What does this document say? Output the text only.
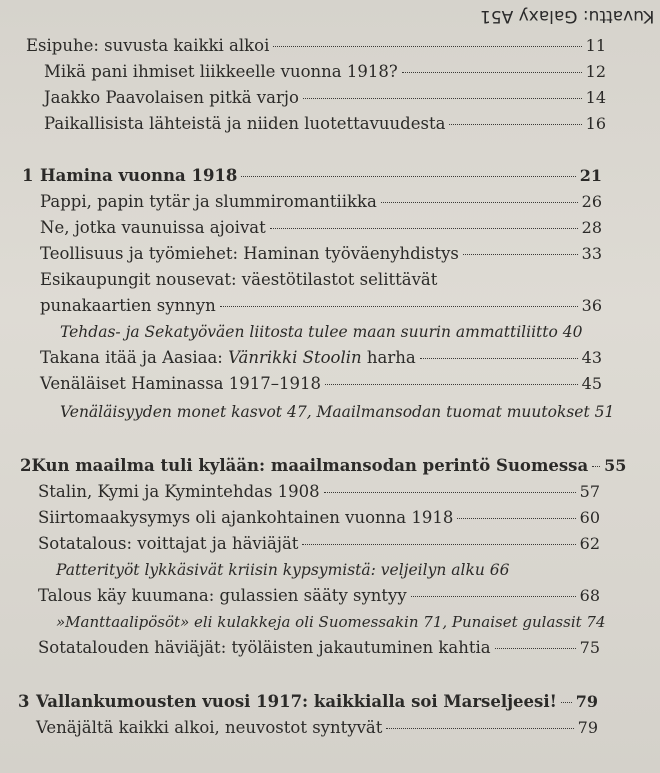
Kuvattu: Galaxy A51
Esipuhe: suvusta kaikki alkoi	11
Mikä pani ihmiset liikkeelle vuonna 1918?	12
Jaakko Paavolaisen pitkä varjo	14
Paikallisista lähteistä ja niiden luotettavuudesta	16
1 Hamina vuonna 1918	21
Pappi, papin tytär ja slummiromantiikka	26
Ne, jotka vaunuissa ajoivat	28
Teollisuus ja työmiehet: Haminan työväenyhdistys	33
Esikaupungit nousevat: väestötilastot selittävät
punakaartien synnyn	36
Tehdas- ja Sekatyöväen liitosta tulee maan suurin ammattiliitto 40
Takana itää ja Aasiaa: Vänrikki Stoolin harha	43
Venäläiset Haminassa 1917–1918	45
Venäläisyyden monet kasvot 47, Maailmansodan tuomat muutokset 51
2 Kun maailma tuli kylään: maailmansodan perintö Suomessa 55
Stalin, Kymi ja Kymintehdas 1908	57
Siirtomaakysymys oli ajankohtainen vuonna 1918	60
Sotatalous: voittajat ja häviäjät	62
Patterityöt lykkäsivät kriisin kypsymistä: veljeilyn alku 66
Talous käy kuumana: gulassien sääty syntyy	68
»Manttaalipösöt» eli kulakkeja oli Suomessakin 71, Punaiset gulassit 74
Sotatalouden häviäjät: työläisten jakautuminen kahtia	75
3 Vallankumousten vuosi 1917: kaikkialla soi Marseljeesi! 79
Venäjältä kaikki alkoi, neuvostot syntyvät	79
